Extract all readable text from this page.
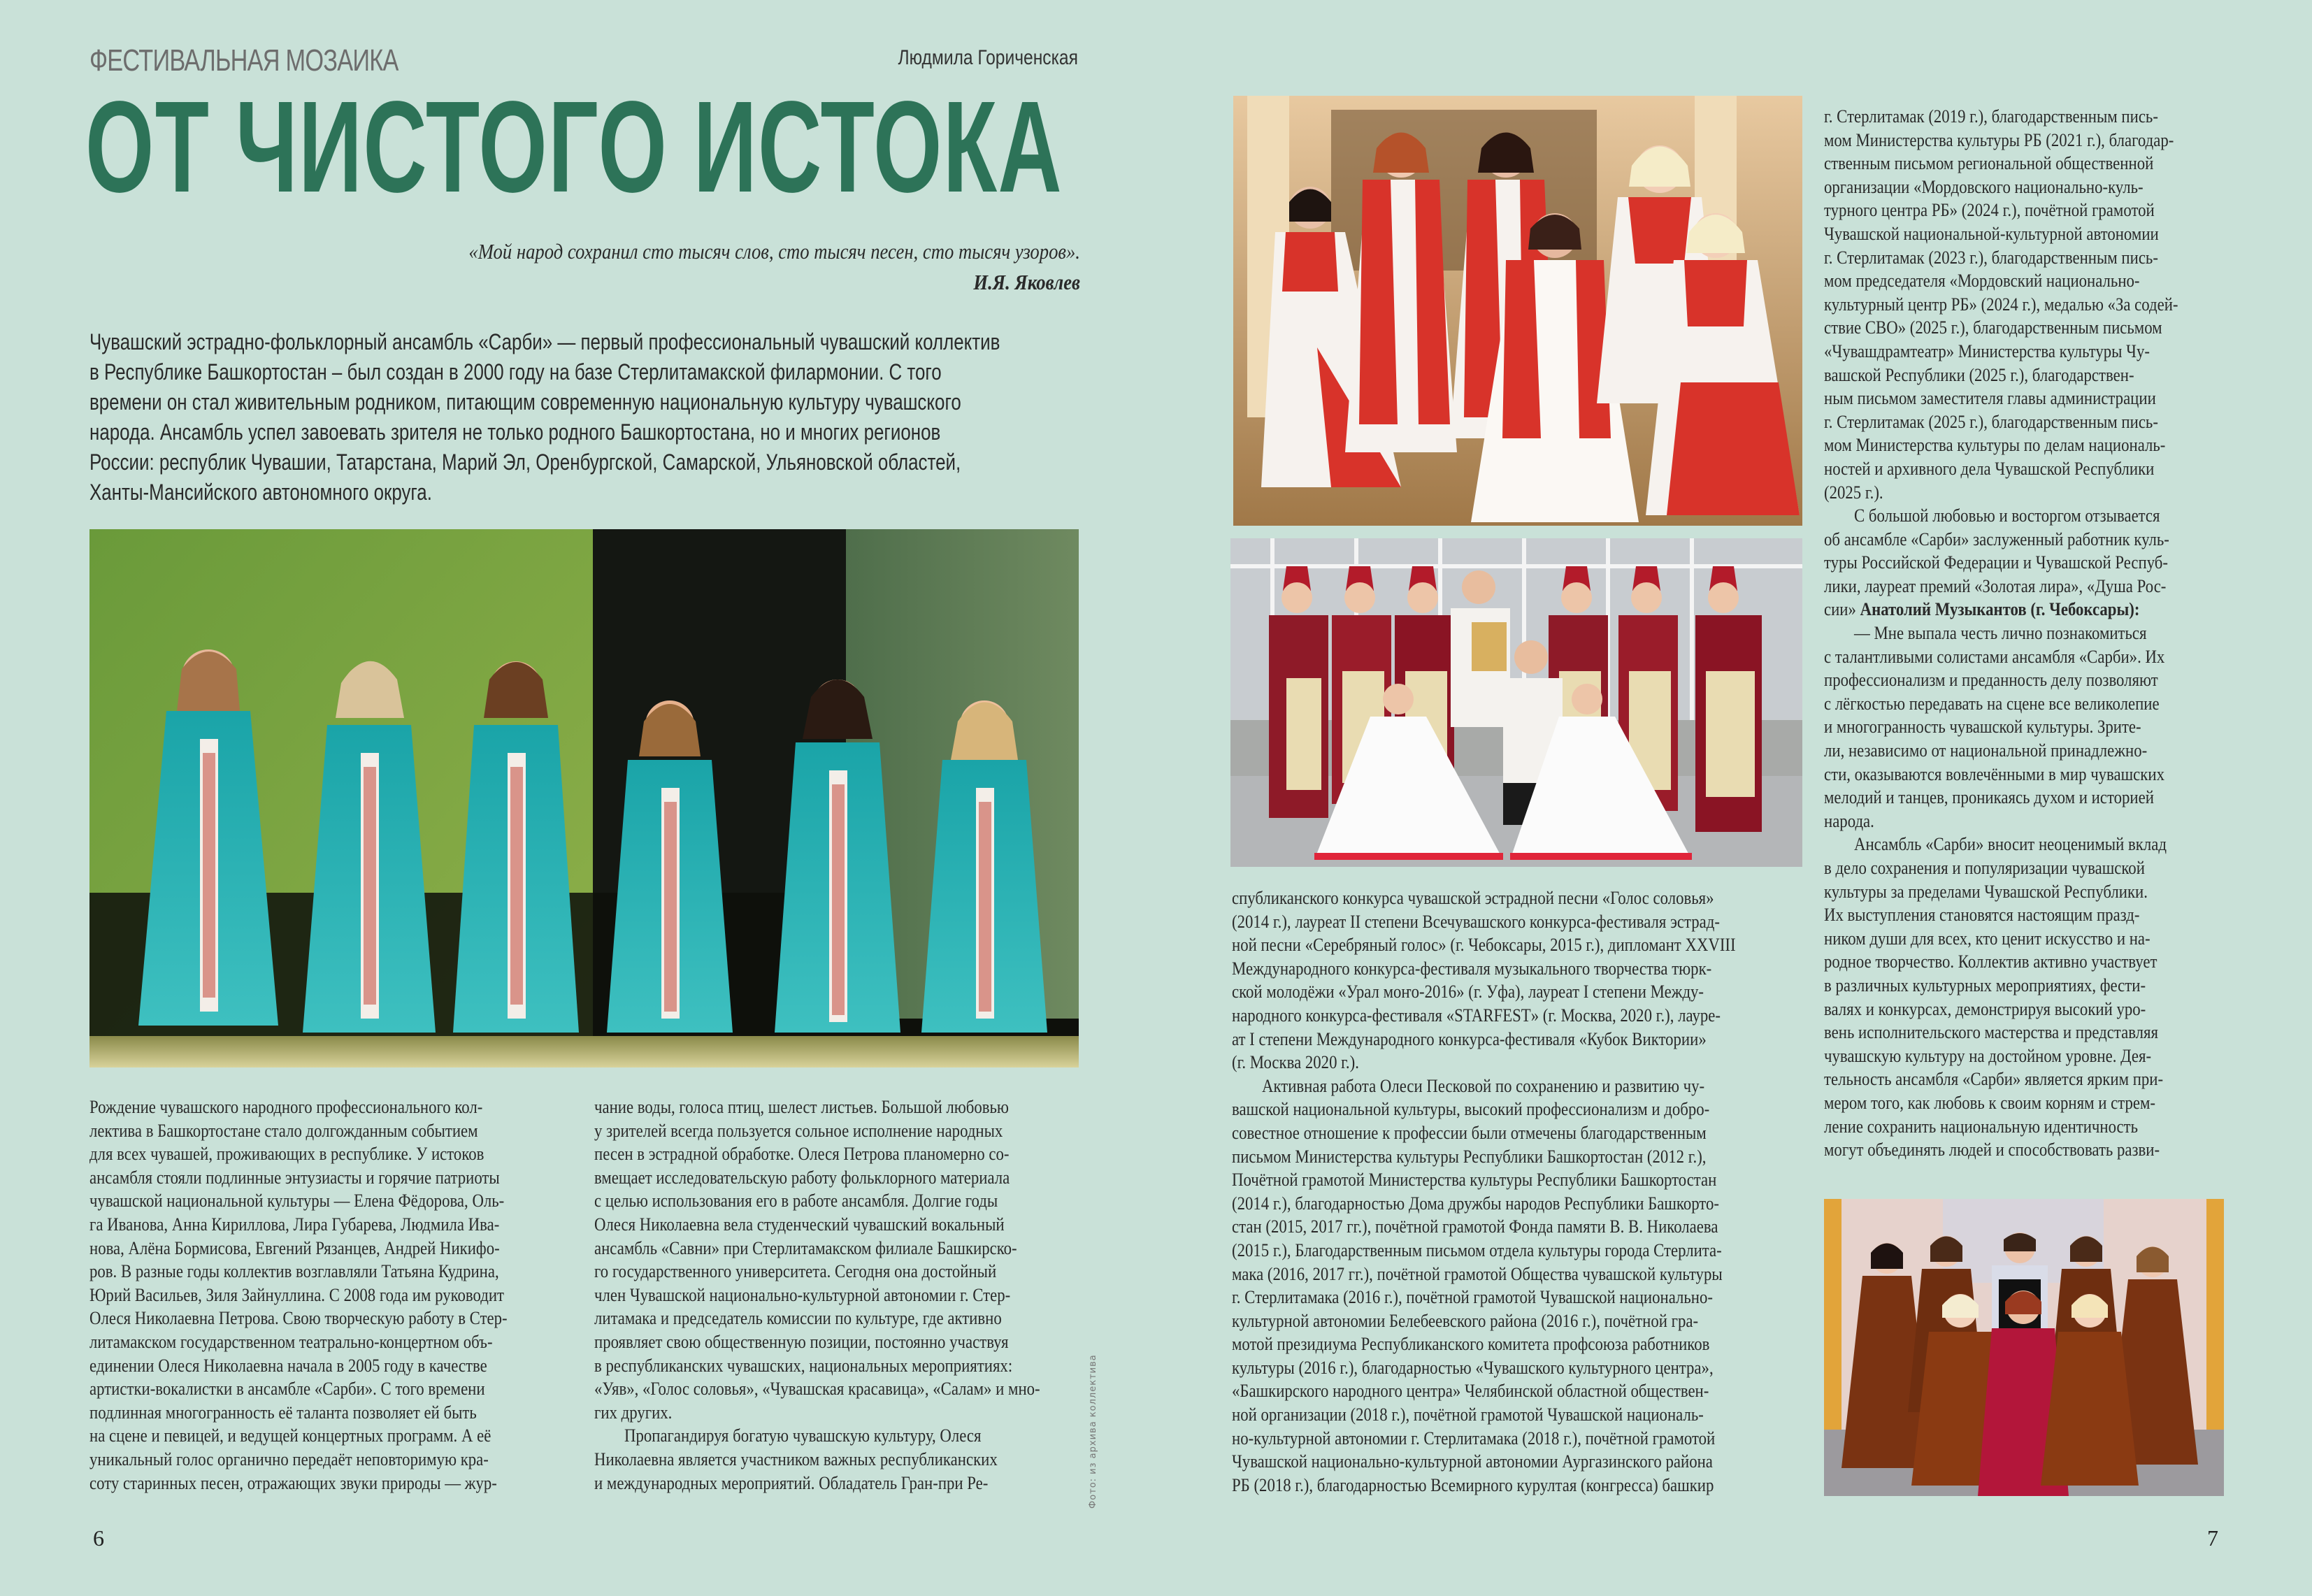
ФЕСТИВАЛЬНАЯ МОЗАИКА	Людмила Гориченская
ОТ ЧИСТОГО ИСТОКА
«Мой народ сохранил сто тысяч слов, сто тысяч песен, сто тысяч узоров».
И.Я. Яковлев
Чувашский эстрадно-фольклорный ансамбль «Сарби» — первый профессиональный чувашский коллектив
в Республике Башкортостан – был создан в 2000 году на базе Стерлитамакской филармонии. С того
времени он стал живительным родником, питающим современную национальную культуру чувашского
народа. Ансамбль успел завоевать зрителя не только родного Башкортостана, но и многих регионов
России: республик Чувашии, Татарстана, Марий Эл, Оренбургской, Самарской, Ульяновской областей,
Ханты-Мансийского автономного округа.
Рождение чувашского народного профессионального кол-
лектива в Башкортостане стало долгожданным событием
для всех чувашей, проживающих в республике. У истоков
ансамбля стояли подлинные энтузиасты и горячие патриоты
чувашской национальной культуры — Елена Фёдорова, Оль-
га Иванова, Анна Кириллова, Лира Губарева, Людмила Ива-
нова, Алёна Бормисова, Евгений Рязанцев, Андрей Никифо-
ров. В разные годы коллектив возглавляли Татьяна Кудрина,
Юрий Васильев, Зиля Зайнуллина. С 2008 года им руководит
Олеся Николаевна Петрова. Свою творческую работу в Стер-
литамакском государственном театрально-концертном объ-
единении Олеся Николаевна начала в 2005 году в качестве
артистки-вокалистки в ансамбле «Сарби». С того времени
подлинная многогранность её таланта позволяет ей быть
на сцене и певицей, и ведущей концертных программ. А её
уникальный голос органично передаёт неповторимую кра-
соту старинных песен, отражающих звуки природы — жур-
чание воды, голоса птиц, шелест листьев. Большой любовью
у зрителей всегда пользуется сольное исполнение народных
песен в эстрадной обработке. Олеся Петрова планомерно со-
вмещает исследовательскую работу фольклорного материала
с целью использования его в работе ансамбля. Долгие годы
Олеся Николаевна вела студенческий чувашский вокальный
ансамбль «Савни» при Стерлитамакском филиале Башкирско-
го государственного университета. Сегодня она достойный
член Чувашской национально-культурной автономии г. Стер-
литамака и председатель комиссии по культуре, где активно
проявляет свою общественную позиции, постоянно участвуя
в республиканских чувашских, национальных мероприятиях:
«Уяв», «Голос соловья», «Чувашская красавица», «Салам» и мно-
гих других.
Пропагандируя богатую чувашскую культуру, Олеся
Николаевна является участником важных республиканских
и международных мероприятий. Обладатель Гран-при Ре-	Фото: из архива коллектива
6
спубликанского конкурса чувашской эстрадной песни «Голос соловья»
(2014 г.), лауреат II степени Всечувашского конкурса-фестиваля эстрад-
ной песни «Серебряный голос» (г. Чебоксары, 2015 г.), дипломант XXVIII
Международного конкурса-фестиваля музыкального творчества тюрк-
ской молодёжи «Урал моҥо-2016» (г. Уфа), лауреат I степени Между-
народного конкурса-фестиваля «STARFEST» (г. Москва, 2020 г.), лауре-
ат I степени Международного конкурса-фестиваля «Кубок Виктории»
(г. Москва 2020 г.).
Активная работа Олеси Песковой по сохранению и развитию чу-
вашской национальной культуры, высокий профессионализм и добро-
совестное отношение к профессии были отмечены благодарственным
письмом Министерства культуры Республики Башкортостан (2012 г.),
Почётной грамотой Министерства культуры Республики Башкортостан
(2014 г.), благодарностью Дома дружбы народов Республики Башкорто-
стан (2015, 2017 гг.), почётной грамотой Фонда памяти В. В. Николаева
(2015 г.), Благодарственным письмом отдела культуры города Стерлита-
мака (2016, 2017 гг.), почётной грамотой Общества чувашской культуры
г. Стерлитамака (2016 г.), почётной грамотой Чувашской национально-
культурной автономии Белебеевского района (2016 г.), почётной гра-
мотой президиума Республиканского комитета профсоюза работников
культуры (2016 г.), благодарностью «Чувашского культурного центра»,
«Башкирского народного центра» Челябинской областной обществен-
ной организации (2018 г.), почётной грамотой Чувашской националь-
но-культурной автономии г. Стерлитамака (2018 г.), почётной грамотой
Чувашской национально-культурной автономии Аургазинского района
РБ (2018 г.), благодарностью Всемирного курултая (конгресса) башкир
г. Стерлитамак (2019 г.), благодарственным пись-
мом Министерства культуры РБ (2021 г.), благодар-
ственным письмом региональной общественной
организации «Мордовского национально-куль-
турного центра РБ» (2024 г.), почётной грамотой
Чувашской национальной-культурной автономии
г. Стерлитамак (2023 г.), благодарственным пись-
мом председателя «Мордовский национально-
культурный центр РБ» (2024 г.), медалью «За содей-
ствие СВО» (2025 г.), благодарственным письмом
«Чувашдрамтеатр» Министерства культуры Чу-
вашской Республики (2025 г.), благодарствен-
ным письмом заместителя главы администрации
г. Стерлитамак (2025 г.), благодарственным пись-
мом Министерства культуры по делам националь-
ностей и архивного дела Чувашской Республики
(2025 г.).
С большой любовью и восторгом отзывается
об ансамбле «Сарби» заслуженный работник куль-
туры Российской Федерации и Чувашской Респуб-
лики, лауреат премий «Золотая лира», «Душа Рос-
сии» Анатолий Музыкантов (г. Чебоксары):
— Мне выпала честь лично познакомиться
с талантливыми солистами ансамбля «Сарби». Их
профессионализм и преданность делу позволяют
с лёгкостью передавать на сцене все великолепие
и многогранность чувашской культуры. Зрите-
ли, независимо от национальной принадлежно-
сти, оказываются вовлечёнными в мир чувашских
мелодий и танцев, проникаясь духом и историей
народа.
Ансамбль «Сарби» вносит неоценимый вклад
в дело сохранения и популяризации чувашской
культуры за пределами Чувашской Республики.
Их выступления становятся настоящим празд-
ником души для всех, кто ценит искусство и на-
родное творчество. Коллектив активно участвует
в различных культурных мероприятиях, фести-
валях и конкурсах, демонстрируя высокий уро-
вень исполнительского мастерства и представляя
чувашскую культуру на достойном уровне. Дея-
тельность ансамбля «Сарби» является ярким при-
мером того, как любовь к своим корням и стрем-
ление сохранить национальную идентичность
могут объединять людей и способствовать разви-
7
